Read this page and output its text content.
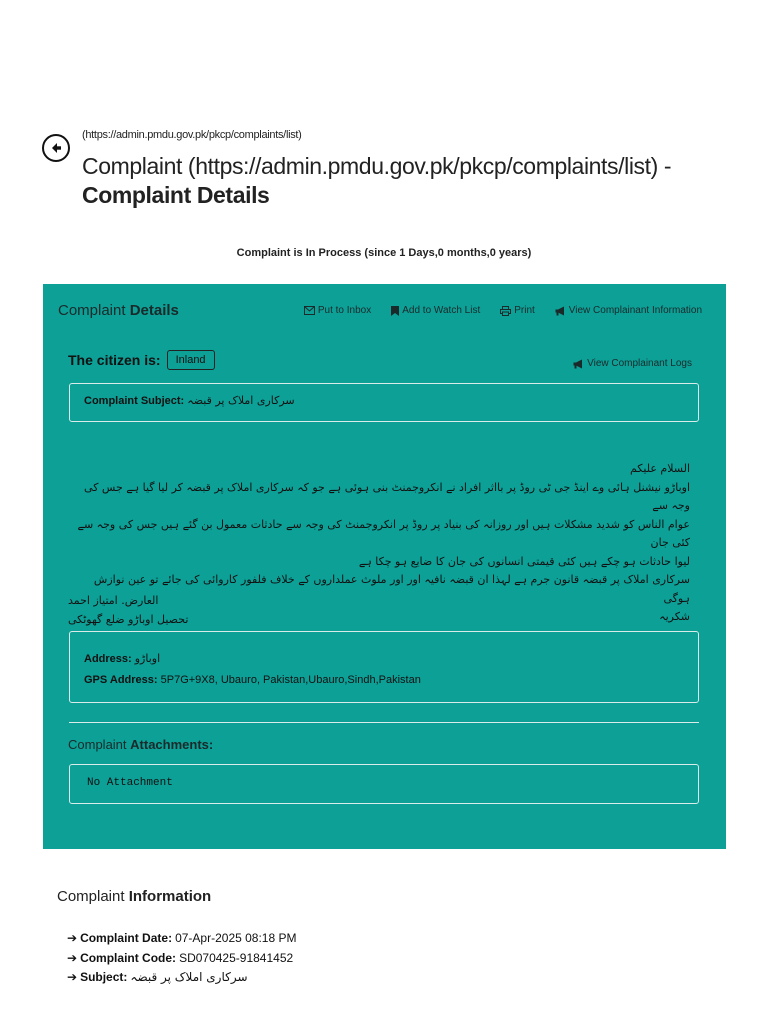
(https://admin.pmdu.gov.pk/pkcp/complaints/list)
Complaint (https://admin.pmdu.gov.pk/pkcp/complaints/list) -
Complaint Details
Complaint is In Process (since 1 Days,0 months,0 years)
Complaint Details	Put to Inbox	Add to Watch List	Print	View Complainant Information
The citizen is:	Inland	View Complainant Logs
Complaint Subject: سرکاری املاک پر قبضہ

السلام علیکم

اوباڑو نیشنل ہائی وے اینڈ جی ٹی روڈ پر بااثر افراد نے انکروجمنٹ بنی ہوئی ہے جو کہ سرکاری املاک پر قبضہ کر لیا گیا ہے جس کی وجہ سے

عوام الناس کو شدید مشکلات ہیں اور روزانہ کی بنیاد پر روڈ پر انکروجمنٹ کی وجہ سے حادثات معمول بن گئے ہیں جس کی وجہ سے کئی جان

لیوا حادثات ہو چکے ہیں کئی قیمتی انسانوں کی جان کا ضایع ہو چکا ہے

سرکاری املاک پر قبضہ قانون جرم ہے لہذا ان قبضہ نافیہ اور اور ملوث عملداروں کے خلاف فلفور کاروائی کی جائے تو عین نوازش ہوگی

شکریہ

العارض. امتیاز احمد

تحصیل اوباڑو ضلع گھوٹکی

Address: اوباڑو
GPS Address: 5P7G+9X8, Ubauro, Pakistan,Ubauro,Sindh,Pakistan
Complaint Attachments:
No Attachment
Complaint Information
➔ Complaint Date: 07-Apr-2025 08:18 PM
➔ Complaint Code: SD070425-91841452
➔ Subject: سرکاری املاک پر قبضہ
